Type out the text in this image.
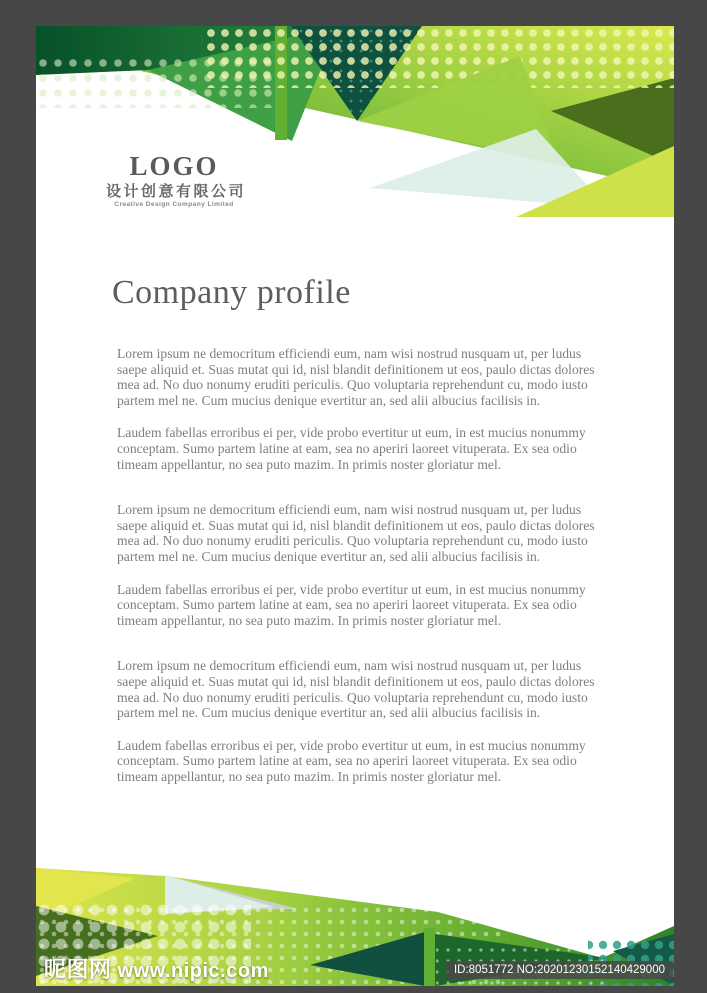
LOGO
设计创意有限公司
Creative Design Company Limited
Company profile

Lorem ipsum ne democritum efficiendi eum, nam wisi nostrud nusquam ut, per ludus saepe aliquid et. Suas mutat qui id, nisl blandit definitionem ut eos, paulo dictas dolores mea ad. No duo nonumy eruditi periculis. Quo voluptaria reprehendunt cu, modo iusto partem mel ne. Cum mucius denique evertitur an, sed alii albucius facilisis in.

Laudem fabellas erroribus ei per, vide probo evertitur ut eum, in est mucius nonummy conceptam. Sumo partem latine at eam, sea no aperiri laoreet vituperata. Ex sea odio timeam appellantur, no sea puto mazim. In primis noster gloriatur mel.

Lorem ipsum ne democritum efficiendi eum, nam wisi nostrud nusquam ut, per ludus saepe aliquid et. Suas mutat qui id, nisl blandit definitionem ut eos, paulo dictas dolores mea ad. No duo nonumy eruditi periculis. Quo voluptaria reprehendunt cu, modo iusto partem mel ne. Cum mucius denique evertitur an, sed alii albucius facilisis in.

Laudem fabellas erroribus ei per, vide probo evertitur ut eum, in est mucius nonummy conceptam. Sumo partem latine at eam, sea no aperiri laoreet vituperata. Ex sea odio timeam appellantur, no sea puto mazim. In primis noster gloriatur mel.

Lorem ipsum ne democritum efficiendi eum, nam wisi nostrud nusquam ut, per ludus saepe aliquid et. Suas mutat qui id, nisl blandit definitionem ut eos, paulo dictas dolores mea ad. No duo nonumy eruditi periculis. Quo voluptaria reprehendunt cu, modo iusto partem mel ne. Cum mucius denique evertitur an, sed alii albucius facilisis in.

Laudem fabellas erroribus ei per, vide probo evertitur ut eum, in est mucius nonummy conceptam. Sumo partem latine at eam, sea no aperiri laoreet vituperata. Ex sea odio timeam appellantur, no sea puto mazim. In primis noster gloriatur mel.

昵图网 www.nipic.com	ID:8051772 NO:20201230152140429000
